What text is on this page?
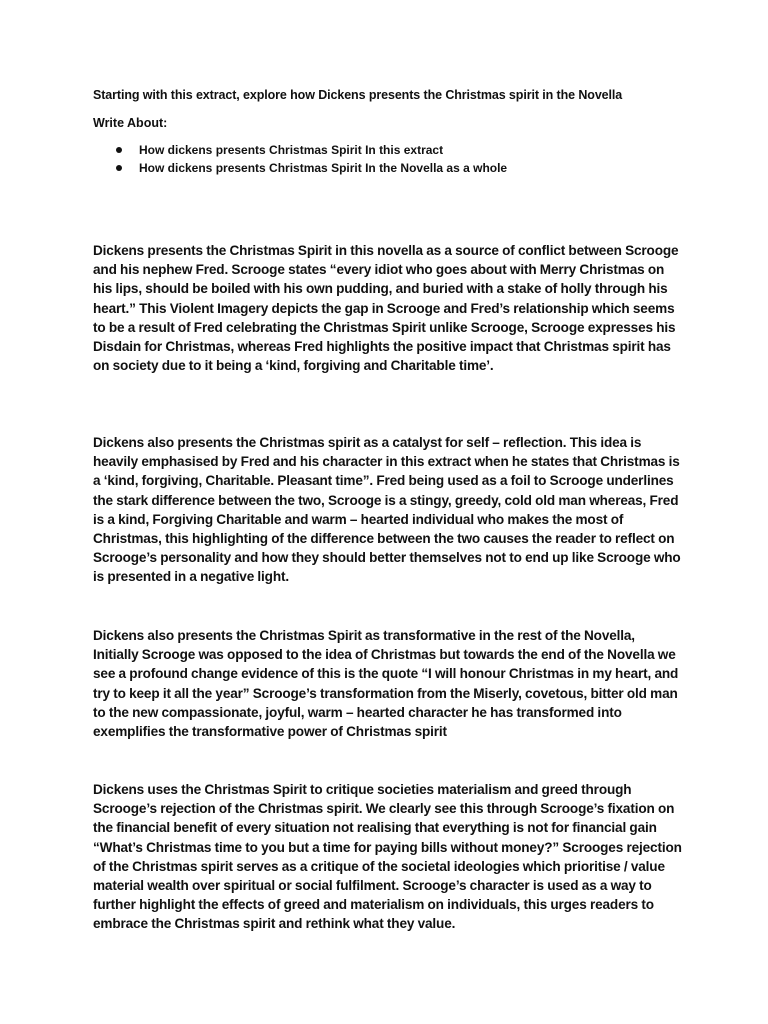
Starting with this extract, explore how Dickens presents the Christmas spirit in the Novella
Write About:
How dickens presents Christmas Spirit In this extract
How dickens presents Christmas Spirit In the Novella as a whole

Dickens presents the Christmas Spirit in this novella as a source of conflict between Scrooge and his nephew Fred. Scrooge states “every idiot who goes about with Merry Christmas on his lips, should be boiled with his own pudding, and buried with a stake of holly through his heart.” This Violent Imagery depicts the gap in Scrooge and Fred’s relationship which seems to be a result of Fred celebrating the Christmas Spirit unlike Scrooge, Scrooge expresses his Disdain for Christmas, whereas Fred highlights the positive impact that Christmas spirit has on society due to it being a ‘kind, forgiving and Charitable time’.

Dickens also presents the Christmas spirit as a catalyst for self – reflection. This idea is heavily emphasised by Fred and his character in this extract when he states that Christmas is a ‘kind, forgiving, Charitable. Pleasant time”. Fred being used as a foil to Scrooge underlines the stark difference between the two, Scrooge is a stingy, greedy, cold old man whereas, Fred is a kind, Forgiving Charitable and warm – hearted individual who makes the most of Christmas, this highlighting of the difference between the two causes the reader to reflect on Scrooge’s personality and how they should better themselves not to end up like Scrooge who is presented in a negative light.

Dickens also presents the Christmas Spirit as transformative in the rest of the Novella, Initially Scrooge was opposed to the idea of Christmas but towards the end of the Novella we see a profound change evidence of this is the quote “I will honour Christmas in my heart, and try to keep it all the year” Scrooge’s transformation from the Miserly, covetous, bitter old man to the new compassionate, joyful, warm – hearted character he has transformed into exemplifies the transformative power of Christmas spirit

Dickens uses the Christmas Spirit to critique societies materialism and greed through Scrooge’s rejection of the Christmas spirit. We clearly see this through Scrooge’s fixation on the financial benefit of every situation not realising that everything is not for financial gain “What’s Christmas time to you but a time for paying bills without money?” Scrooges rejection of the Christmas spirit serves as a critique of the societal ideologies which prioritise / value material wealth over spiritual or social fulfilment. Scrooge’s character is used as a way to further highlight the effects of greed and materialism on individuals, this urges readers to embrace the Christmas spirit and rethink what they value.
